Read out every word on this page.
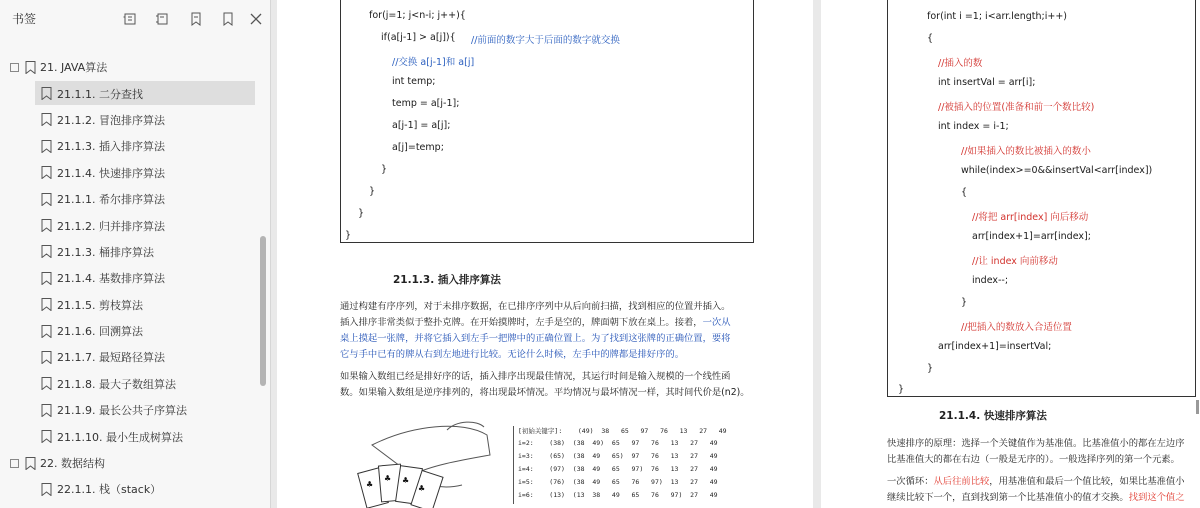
书签
21. JAVA算法
21.1.1. 二分查找
21.1.2. 冒泡排序算法
21.1.3. 插入排序算法
21.1.4. 快速排序算法
21.1.1. 希尔排序算法
21.1.2. 归并排序算法
21.1.3. 桶排序算法
21.1.4. 基数排序算法
21.1.5. 剪枝算法
21.1.6. 回溯算法
21.1.7. 最短路径算法
21.1.8. 最大子数组算法
21.1.9. 最长公共子序算法
21.1.10. 最小生成树算法
22. 数据结构
22.1.1. 栈（stack）
for(j=1; j<n-i; j++){
if(a[j-1] > a[j]){ //前面的数字大于后面的数字就交换
//交换 a[j-1]和 a[j]
int temp;
temp = a[j-1];
a[j-1] = a[j];
a[j]=temp;
}
}
}
}
21.1.3. 插入排序算法
通过构建有序序列，对于未排序数据，在已排序序列中从后向前扫描，找到相应的位置并插入。
插入排序非常类似于整扑克牌。在开始摸牌时，左手是空的，牌面朝下放在桌上。接着，一次从
桌上摸起一张牌，并将它插入到左手一把牌中的正确位置上。为了找到这张牌的正确位置，要将
它与手中已有的牌从右到左地进行比较。无论什么时候，左手中的牌都是排好序的。
如果输入数组已经是排好序的话，插入排序出现最佳情况，其运行时间是输入规模的一个线性函
数。如果输入数组是逆序排列的，将出现最坏情况。平均情况与最坏情况一样，其时间代价是(n2)。
♣
♣ ♣
♣
[初始关键字]:    (49)  38   65   97   76   13   27   49
i=2:    (38)  (38  49)  65   97   76   13   27   49
i=3:    (65)  (38  49   65)  97   76   13   27   49
i=4:    (97)  (38  49   65   97)  76   13   27   49
i=5:    (76)  (38  49   65   76   97)  13   27   49
i=6:    (13)  (13  38   49   65   76   97)  27   49
for(int i =1; i<arr.length;i++)
{
//插入的数
int insertVal = arr[i];
//被插入的位置(准备和前一个数比较)
int index = i-1;
//如果插入的数比被插入的数小
while(index>=0&&insertVal<arr[index])
{
//将把 arr[index] 向后移动
arr[index+1]=arr[index];
//让 index 向前移动
index--;
}
//把插入的数放入合适位置
arr[index+1]=insertVal;
}
}
21.1.4. 快速排序算法
快速排序的原理：选择一个关键值作为基准值。比基准值小的都在左边序
比基准值大的都在右边（一般是无序的）。一般选择序列的第一个元素。
一次循环：从后往前比较，用基准值和最后一个值比较，如果比基准值小
继续比较下一个，直到找到第一个比基准值小的值才交换。找到这个值之
